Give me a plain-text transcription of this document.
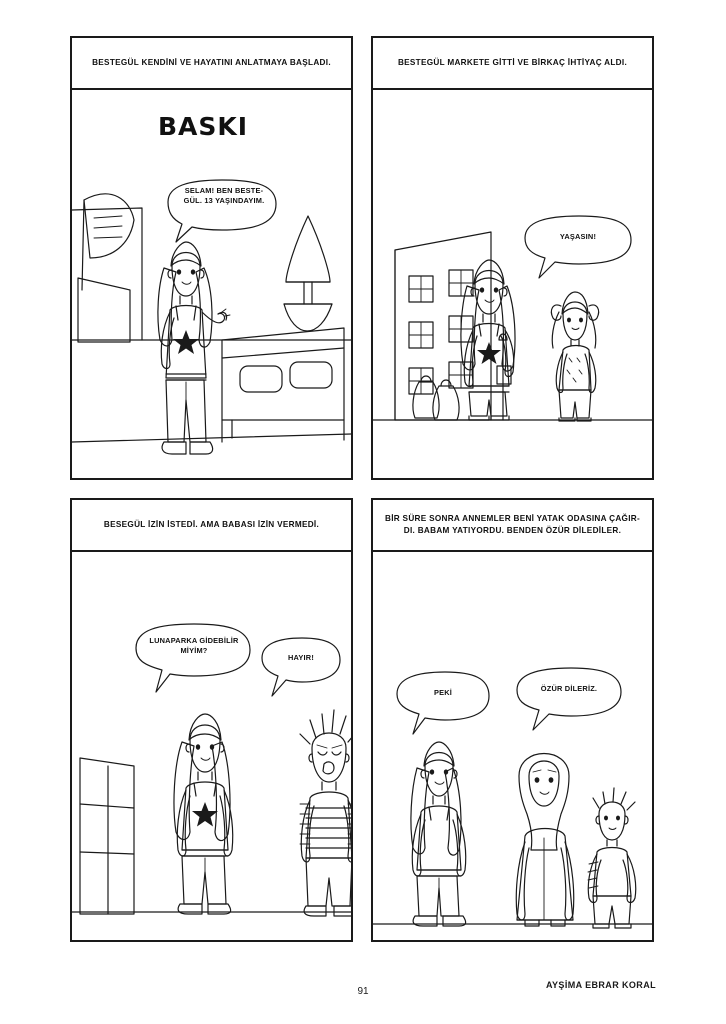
BESTEGÜL KENDİNİ VE HAYATINI ANLATMAYA BAŞLADI.
BASKI
SELAM! BEN BESTE-GÜL. 13 YAŞINDAYIM.
BESTEGÜL MARKETE GİTTİ VE BİRKAÇ İHTİYAÇ ALDI.
YAŞASIN!
BESEGÜL İZİN İSTEDİ. AMA BABASI İZİN VERMEDİ.
LUNAPARKA GİDEBİLİR MİYİM?
HAYIR!
BİR SÜRE SONRA ANNEMLER BENİ YATAK ODASINA ÇAĞIR-DI. BABAM YATIYORDU. BENDEN ÖZÜR DİLEDİLER.
PEKİ	ÖZÜR DİLERİZ.
91
AYŞİMA EBRAR KORAL
